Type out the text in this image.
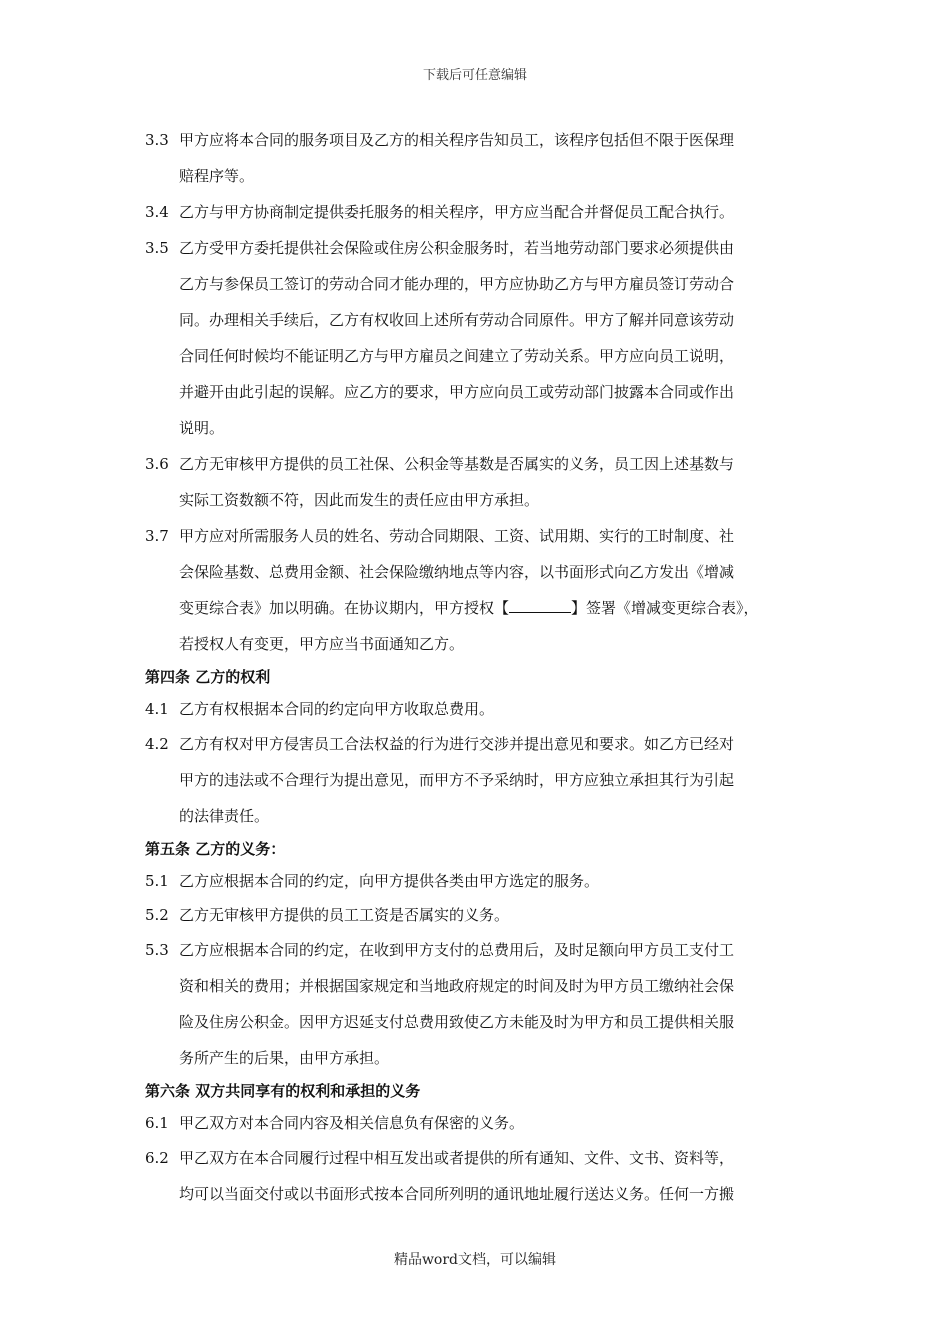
下载后可任意编辑
3.3 甲方应将本合同的服务项目及乙方的相关程序告知员工，该程序包括但不限于医保理
赔程序等。
3.4 乙方与甲方协商制定提供委托服务的相关程序，甲方应当配合并督促员工配合执行。
3.5 乙方受甲方委托提供社会保险或住房公积金服务时，若当地劳动部门要求必须提供由
乙方与参保员工签订的劳动合同才能办理的，甲方应协助乙方与甲方雇员签订劳动合
同。办理相关手续后，乙方有权收回上述所有劳动合同原件。甲方了解并同意该劳动
合同任何时候均不能证明乙方与甲方雇员之间建立了劳动关系。甲方应向员工说明，
并避开由此引起的误解。应乙方的要求，甲方应向员工或劳动部门披露本合同或作出
说明。
3.6 乙方无审核甲方提供的员工社保、公积金等基数是否属实的义务，员工因上述基数与
实际工资数额不符，因此而发生的责任应由甲方承担。
3.7 甲方应对所需服务人员的姓名、劳动合同期限、工资、试用期、实行的工时制度、社
会保险基数、总费用金额、社会保险缴纳地点等内容，以书面形式向乙方发出《增减
变更综合表》加以明确。在协议期内，甲方授权【	】签署《增减变更综合表》，
若授权人有变更，甲方应当书面通知乙方。
第四条 乙方的权利
4.1 乙方有权根据本合同的约定向甲方收取总费用。
4.2 乙方有权对甲方侵害员工合法权益的行为进行交涉并提出意见和要求。如乙方已经对
甲方的违法或不合理行为提出意见，而甲方不予采纳时，甲方应独立承担其行为引起
的法律责任。
第五条 乙方的义务：
5.1 乙方应根据本合同的约定，向甲方提供各类由甲方选定的服务。
5.2 乙方无审核甲方提供的员工工资是否属实的义务。
5.3 乙方应根据本合同的约定，在收到甲方支付的总费用后，及时足额向甲方员工支付工
资和相关的费用；并根据国家规定和当地政府规定的时间及时为甲方员工缴纳社会保
险及住房公积金。因甲方迟延支付总费用致使乙方未能及时为甲方和员工提供相关服
务所产生的后果，由甲方承担。
第六条 双方共同享有的权利和承担的义务
6.1 甲乙双方对本合同内容及相关信息负有保密的义务。
6.2 甲乙双方在本合同履行过程中相互发出或者提供的所有通知、文件、文书、资料等，
均可以当面交付或以书面形式按本合同所列明的通讯地址履行送达义务。任何一方搬
精品word文档，可以编辑
